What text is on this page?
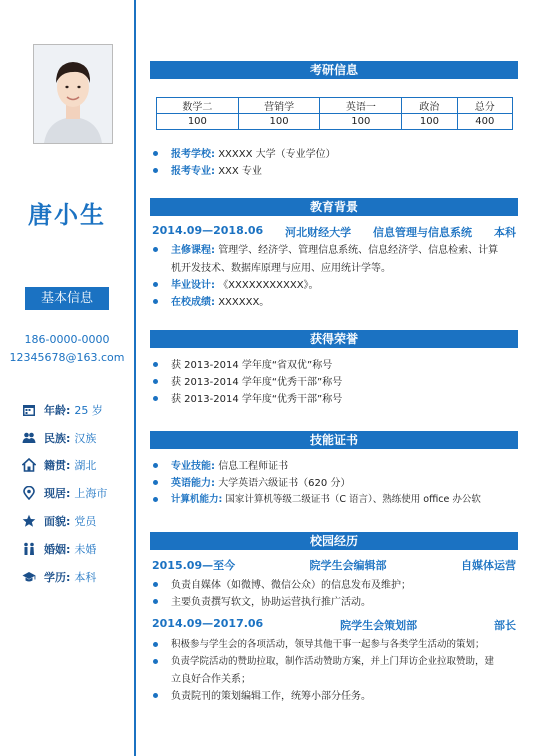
唐小生
基本信息
186-0000-0000
12345678@163.com
年龄: 25 岁
民族: 汉族
籍贯: 湖北
现居: 上海市
面貌: 党员
婚姻: 未婚
学历: 本科
考研信息
数学二	营销学	英语一	政治	总分
100	100	100	100	400
报考学校: XXXXX 大学（专业学位）
报考专业: XXX 专业
教育背景
2014.09—2018.06 河北财经大学 信息管理与信息系统 本科
主修课程: 管理学、经济学、管理信息系统、信息经济学、信息检索、计算
机开发技术、数据库原理与应用、应用统计学等。
毕业设计: 《XXXXXXXXXXX》。
在校成绩: XXXXXX。
获得荣誉
获 2013-2014 学年度“省双优”称号
获 2013-2014 学年度“优秀干部”称号
获 2013-2014 学年度“优秀干部”称号
技能证书
专业技能: 信息工程师证书
英语能力: 大学英语六级证书（620 分）
计算机能力: 国家计算机等级二级证书（C 语言）、熟练使用 office 办公软
校园经历
2015.09—至今	院学生会编辑部	自媒体运营
负责自媒体（如微博、微信公众）的信息发布及维护；
主要负责撰写软文，协助运营执行推广活动。
2014.09—2017.06	院学生会策划部	部长
积极参与学生会的各项活动，领导其他干事一起参与各类学生活动的策划；
负责学院活动的赞助拉取，制作活动赞助方案，并上门拜访企业拉取赞助，建
立良好合作关系；
负责院刊的策划编辑工作，统筹小部分任务。
